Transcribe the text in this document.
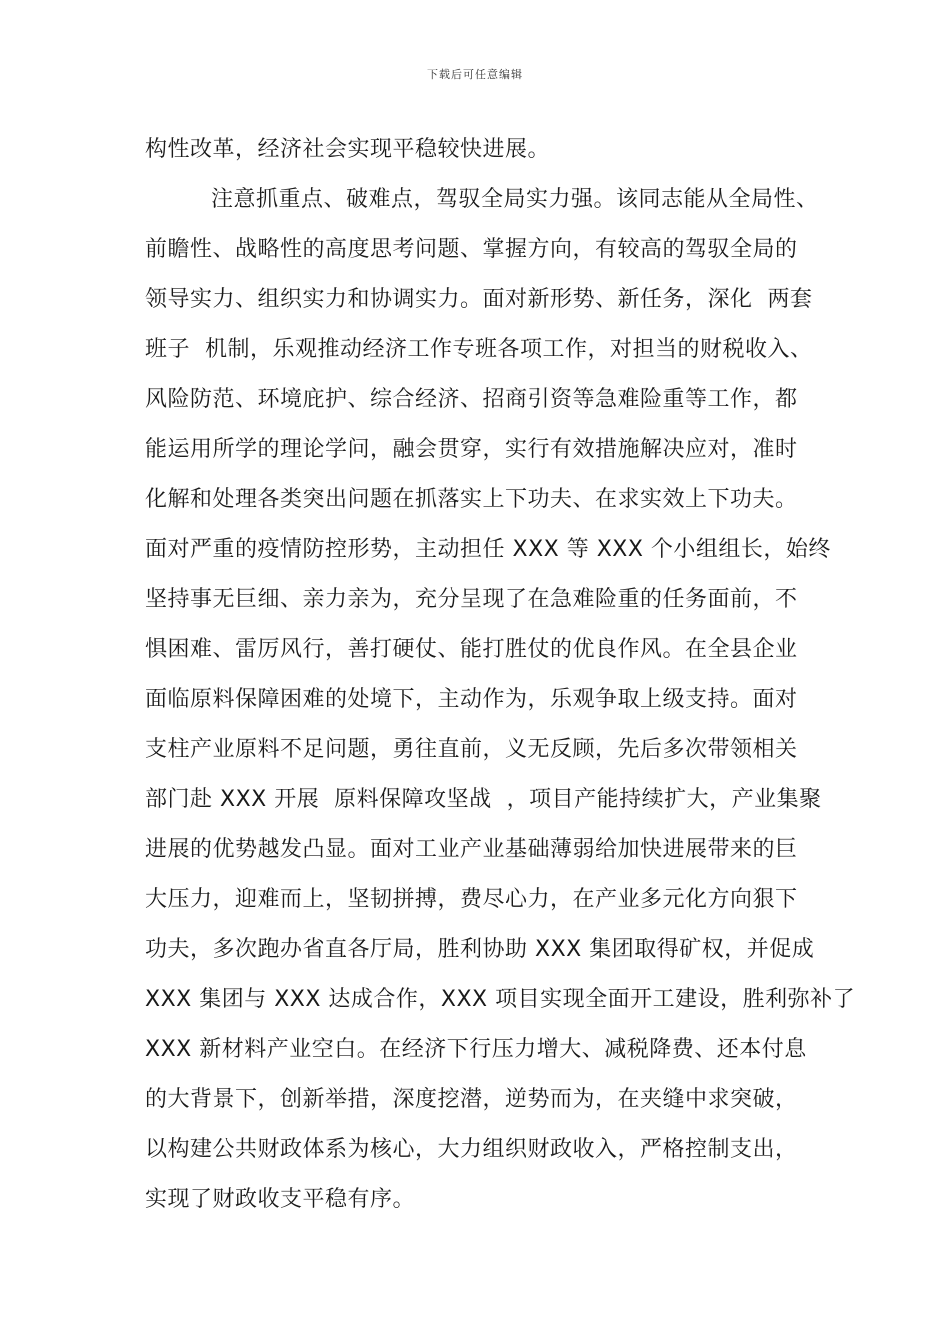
下载后可任意编辑
构性改革，经济社会实现平稳较快进展。
注意抓重点、破难点，驾驭全局实力强。该同志能从全局性、
前瞻性、战略性的高度思考问题、掌握方向，有较高的驾驭全局的
领导实力、组织实力和协调实力。面对新形势、新任务，深化  两套
班子  机制，乐观推动经济工作专班各项工作，对担当的财税收入、
风险防范、环境庇护、综合经济、招商引资等急难险重等工作，都
能运用所学的理论学问，融会贯穿，实行有效措施解决应对，准时
化解和处理各类突出问题在抓落实上下功夫、在求实效上下功夫。
面对严重的疫情防控形势，主动担任 XXX 等 XXX 个小组组长，始终
坚持事无巨细、亲力亲为，充分呈现了在急难险重的任务面前，不
惧困难、雷厉风行，善打硬仗、能打胜仗的优良作风。在全县企业
面临原料保障困难的处境下，主动作为，乐观争取上级支持。面对
支柱产业原料不足问题，勇往直前，义无反顾，先后多次带领相关
部门赴 XXX 开展  原料保障攻坚战  ，项目产能持续扩大，产业集聚
进展的优势越发凸显。面对工业产业基础薄弱给加快进展带来的巨
大压力，迎难而上，坚韧拼搏，费尽心力，在产业多元化方向狠下
功夫，多次跑办省直各厅局，胜利协助 XXX 集团取得矿权，并促成
XXX 集团与 XXX 达成合作，XXX 项目实现全面开工建设，胜利弥补了
XXX 新材料产业空白。在经济下行压力增大、减税降费、还本付息
的大背景下，创新举措，深度挖潜，逆势而为，在夹缝中求突破，
以构建公共财政体系为核心，大力组织财政收入，严格控制支出，
实现了财政收支平稳有序。
